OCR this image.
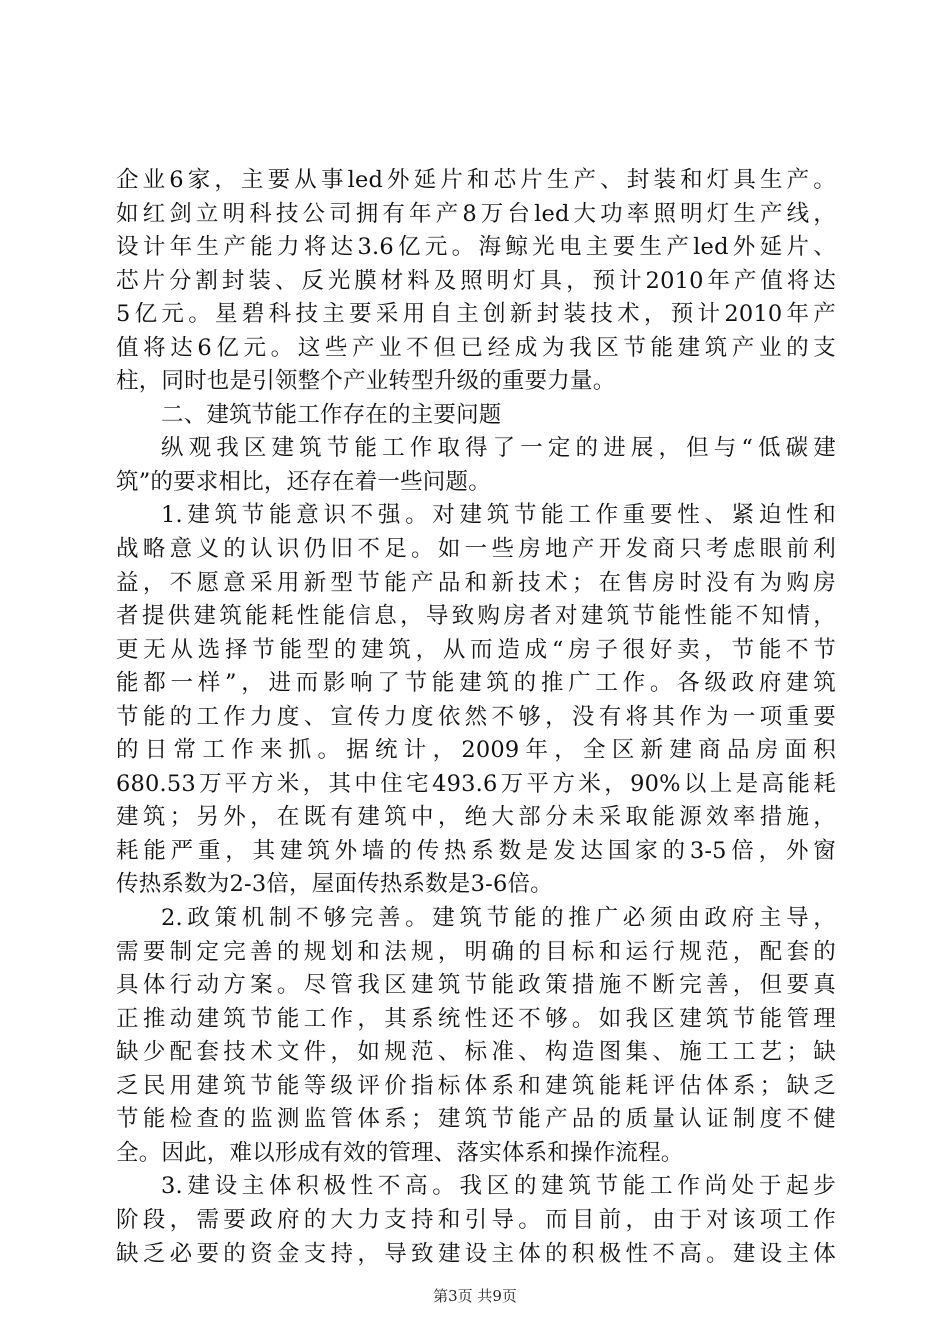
企业6家，主要从事led外延片和芯片生产、封装和灯具生产。
如红剑立明科技公司拥有年产8万台led大功率照明灯生产线，
设计年生产能力将达3.6亿元。海鲸光电主要生产led外延片、
芯片分割封装、反光膜材料及照明灯具，预计2010年产值将达
5亿元。星碧科技主要采用自主创新封装技术，预计2010年产
值将达6亿元。这些产业不但已经成为我区节能建筑产业的支
柱，同时也是引领整个产业转型升级的重要力量。
二、建筑节能工作存在的主要问题
纵观我区建筑节能工作取得了一定的进展，但与“低碳建
筑”的要求相比，还存在着一些问题。
1.建筑节能意识不强。对建筑节能工作重要性、紧迫性和
战略意义的认识仍旧不足。如一些房地产开发商只考虑眼前利
益，不愿意采用新型节能产品和新技术；在售房时没有为购房
者提供建筑能耗性能信息，导致购房者对建筑节能性能不知情，
更无从选择节能型的建筑，从而造成“房子很好卖，节能不节
能都一样”，进而影响了节能建筑的推广工作。各级政府建筑
节能的工作力度、宣传力度依然不够，没有将其作为一项重要
的日常工作来抓。据统计，2009年，全区新建商品房面积
680.53万平方米，其中住宅493.6万平方米，90%以上是高能耗
建筑；另外，在既有建筑中，绝大部分未采取能源效率措施，
耗能严重，其建筑外墙的传热系数是发达国家的3-5倍，外窗
传热系数为2-3倍，屋面传热系数是3-6倍。
2.政策机制不够完善。建筑节能的推广必须由政府主导，
需要制定完善的规划和法规，明确的目标和运行规范，配套的
具体行动方案。尽管我区建筑节能政策措施不断完善，但要真
正推动建筑节能工作，其系统性还不够。如我区建筑节能管理
缺少配套技术文件，如规范、标准、构造图集、施工工艺；缺
乏民用建筑节能等级评价指标体系和建筑能耗评估体系；缺乏
节能检查的监测监管体系；建筑节能产品的质量认证制度不健
全。因此，难以形成有效的管理、落实体系和操作流程。
3.建设主体积极性不高。我区的建筑节能工作尚处于起步
阶段，需要政府的大力支持和引导。而目前，由于对该项工作
缺乏必要的资金支持，导致建设主体的积极性不高。建设主体
第3页 共9页
